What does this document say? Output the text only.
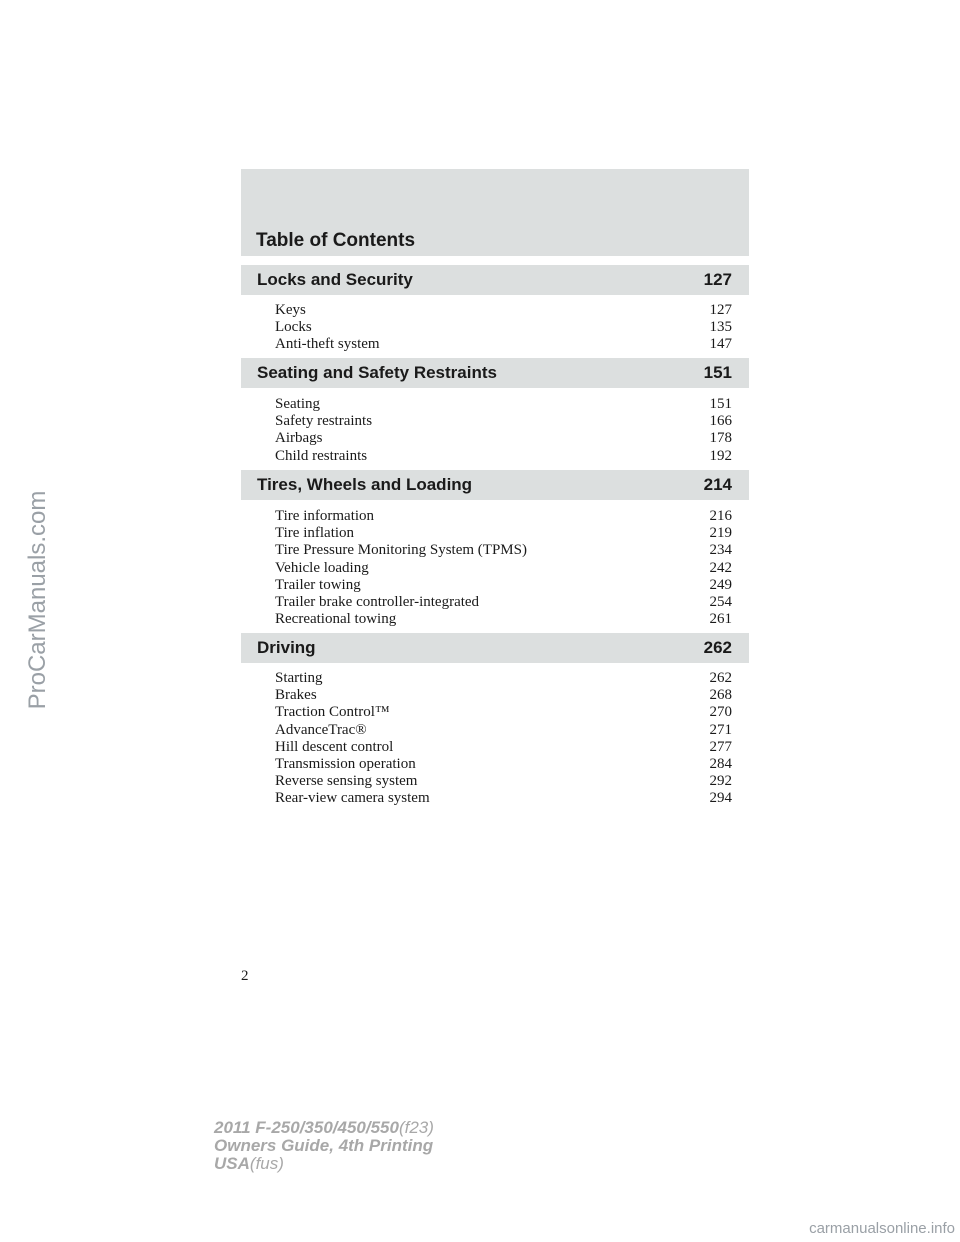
Table of Contents
Locks and Security	127
Keys	127
Locks	135
Anti-theft system	147
Seating and Safety Restraints	151
Seating	151
Safety restraints	166
Airbags	178
Child restraints	192
Tires, Wheels and Loading	214
Tire information	216
Tire inflation	219
Tire Pressure Monitoring System (TPMS)	234
Vehicle loading	242
Trailer towing	249
Trailer brake controller-integrated	254
Recreational towing	261
Driving	262
Starting	262
Brakes	268
Traction Control™	270
AdvanceTrac®	271
Hill descent control	277
Transmission operation	284
Reverse sensing system	292
Rear-view camera system	294
2
ProCarManuals.com
2011 F-250/350/450/550(f23)
Owners Guide, 4th Printing
USA(fus)
carmanualsonline.info
